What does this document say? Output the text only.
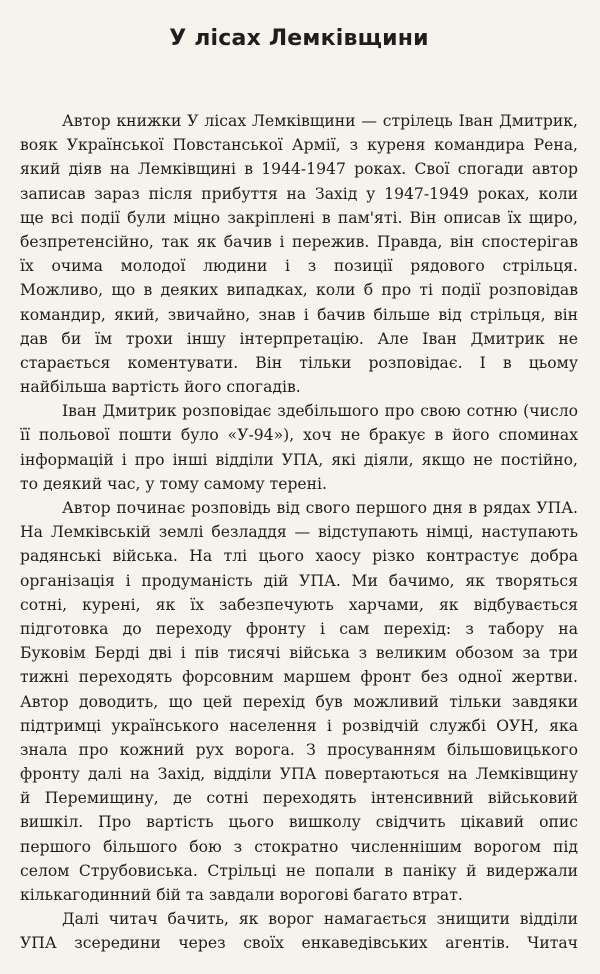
У лісах Лемківщини
Автор книжки У лісах Лемківщини — стрілець Іван Дмитрик,
вояк Української Повстанської Армії, з куреня командира Рена,
який діяв на Лемківщині в 1944-1947 роках. Свої спогади автор
записав зараз після прибуття на Захід у 1947-1949 роках, коли
ще всі події були міцно закріплені в пам'яті. Він описав їх щиро,
безпретенсійно, так як бачив і пережив. Правда, він спостерігав
їх очима молодої людини і з позиції рядового стрільця.
Можливо, що в деяких випадках, коли б про ті події розповідав
командир, який, звичайно, знав і бачив більше від стрільця, він
дав би їм трохи іншу інтерпретацію. Але Іван Дмитрик не
старається коментувати. Він тільки розповідає. І в цьому
найбільша вартість його спогадів.
Іван Дмитрик розповідає здебільшого про свою сотню (число
її польової пошти було «У-94»), хоч не бракує в його споминах
інформацій і про інші відділи УПА, які діяли, якщо не постійно,
то деякий час, у тому самому терені.
Автор починає розповідь від свого першого дня в рядах УПА.
На Лемківській землі безладдя — відступають німці, наступають
радянські війська. На тлі цього хаосу різко контрастує добра
організація і продуманість дій УПА. Ми бачимо, як творяться
сотні, курені, як їх забезпечують харчами, як відбувається
підготовка до переходу фронту і сам перехід: з табору на
Буковім Берді дві і пів тисячі війська з великим обозом за три
тижні переходять форсовним маршем фронт без одної жертви.
Автор доводить, що цей перехід був можливий тільки завдяки
підтримці українського населення і розвідчій службі ОУН, яка
знала про кожний рух ворога. З просуванням більшовицького
фронту далі на Захід, відділи УПА повертаються на Лемківщину
й Перемищину, де сотні переходять інтенсивний військовий
вишкіл. Про вартість цього вишколу свідчить цікавий опис
першого більшого бою з стократно численнішим ворогом під
селом Струбовиська. Стрільці не попали в паніку й видержали
кількагодинний бій та завдали ворогові багато втрат.
Далі читач бачить, як ворог намагається знищити відділи
УПА зсередини через своїх енкаведівських агентів. Читач
